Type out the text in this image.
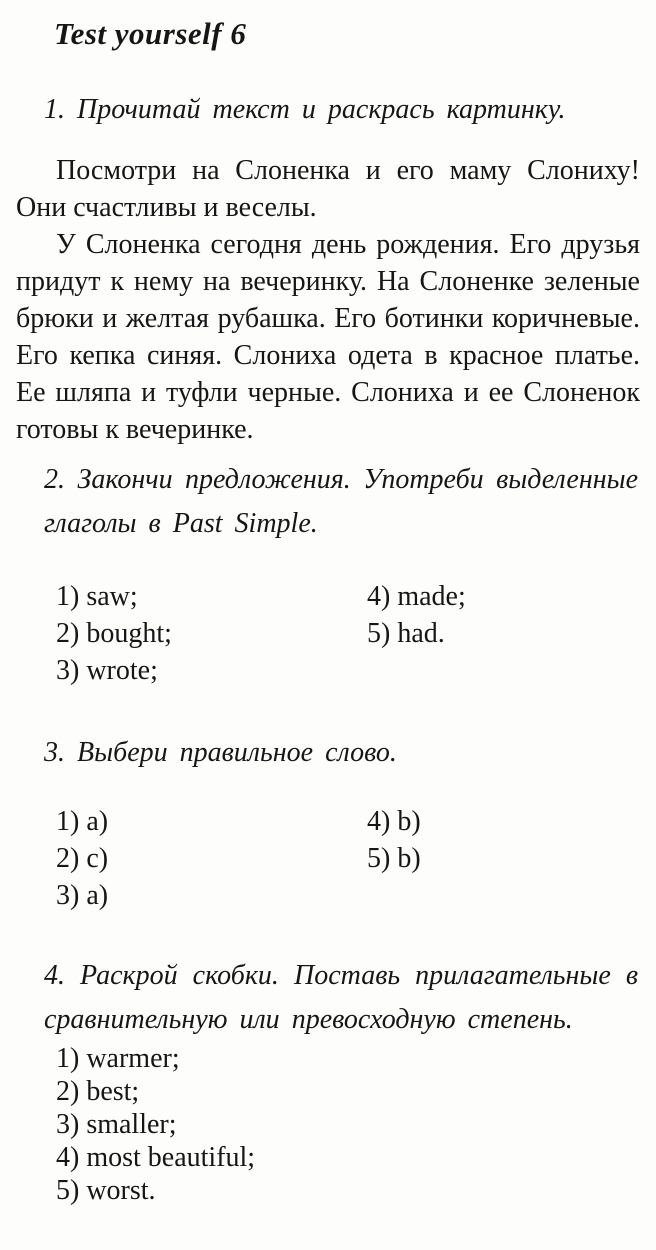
Test yourself 6
1. Прочитай текст и раскрась картинку.

Посмотри на Слоненка и его маму Слониху! Они счастливы и веселы.

У Слоненка сегодня день рождения. Его друзья придут к нему на вечеринку. На Слоненке зеленые брюки и желтая рубашка. Его ботинки коричневые. Его кепка синяя. Слониха одета в красное платье. Ее шляпа и туфли черные. Слониха и ее Слоненок готовы к вечеринке.

2. Закончи предложения. Употреби выделенные глаголы в Past Simple.
1) saw;
2) bought;
3) wrote;
4) made;
5) had.
3. Выбери правильное слово.
1) a)
2) c)
3) a)
4) b)
5) b)
4. Раскрой скобки. Поставь прилагательные в сравнительную или превосходную степень.
1) warmer;
2) best;
3) smaller;
4) most beautiful;
5) worst.
